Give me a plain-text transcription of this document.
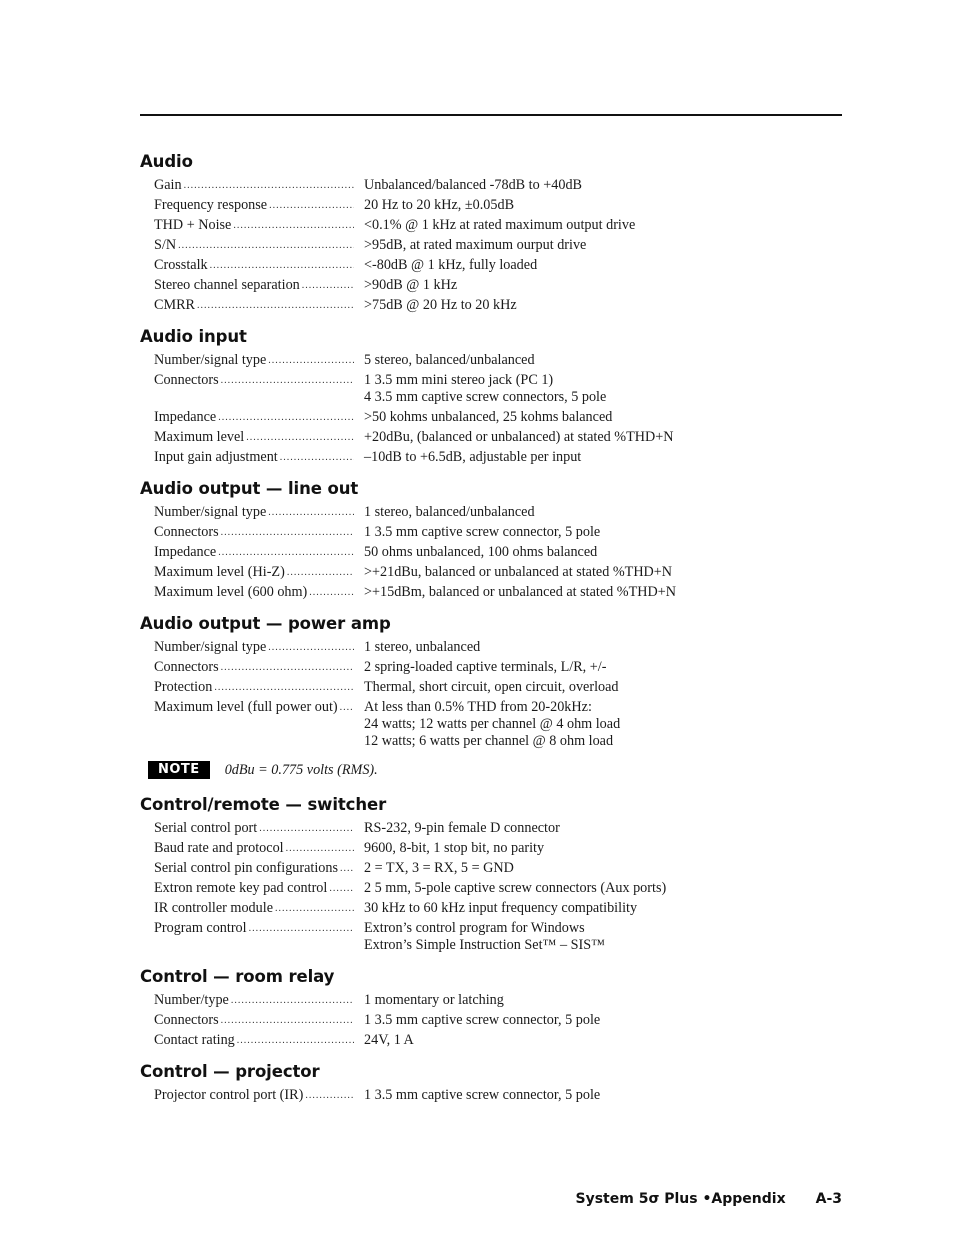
Audio
Gain .....	Unbalanced/balanced -78dB to +40dB
Frequency response .....	20 Hz to 20 kHz, ±0.05dB
THD + Noise .....	<0.1% @ 1 kHz at rated maximum output drive
S/N .....	>95dB, at rated maximum ourput drive
Crosstalk .....	<-80dB @ 1 kHz, fully loaded
Stereo channel separation .....	>90dB @ 1 kHz
CMRR .....	>75dB @ 20 Hz to 20 kHz
Audio input
Number/signal type .....	5 stereo, balanced/unbalanced
Connectors .....	1 3.5 mm mini stereo jack (PC 1)
4 3.5 mm captive screw connectors, 5 pole
Impedance .....	>50 kohms unbalanced, 25 kohms balanced
Maximum level .....	+20dBu, (balanced or unbalanced) at stated %THD+N
Input gain adjustment .....	–10dB to +6.5dB, adjustable per input
Audio output — line out
Number/signal type .....	1 stereo, balanced/unbalanced
Connectors .....	1 3.5 mm captive screw connector, 5 pole
Impedance .....	50 ohms unbalanced, 100 ohms balanced
Maximum level (Hi-Z) .....	>+21dBu, balanced or unbalanced at stated %THD+N
Maximum level (600 ohm) .....	>+15dBm, balanced or unbalanced at stated %THD+N
Audio output — power amp
Number/signal type .....	1 stereo, unbalanced
Connectors .....	2 spring-loaded captive terminals, L/R, +/-
Protection .....	Thermal, short circuit, open circuit, overload
Maximum level (full power out) ..... At less than 0.5% THD from 20-20kHz:
24 watts; 12 watts per channel @ 4 ohm load
12 watts; 6 watts per channel @ 8 ohm load
NOTE	0dBu = 0.775 volts (RMS).
Control/remote — switcher
Serial control port .....	RS-232, 9-pin female D connector
Baud rate and protocol .....	9600, 8-bit, 1 stop bit, no parity
Serial control pin configurations ..... 2 = TX, 3 = RX, 5 = GND
Extron remote key pad control .....	2 5 mm, 5-pole captive screw connectors (Aux ports)
IR controller module .....	30 kHz to 60 kHz input frequency compatibility
Program control .....	Extron’s control program for Windows
Extron’s Simple Instruction Set™ – SIS™
Control — room relay
Number/type .....	1 momentary or latching
Connectors .....	1 3.5 mm captive screw connector, 5 pole
Contact rating .....	24V, 1 A
Control — projector
Projector control port (IR) .....	1 3.5 mm captive screw connector, 5 pole
System 5σ Plus •Appendix A-3
